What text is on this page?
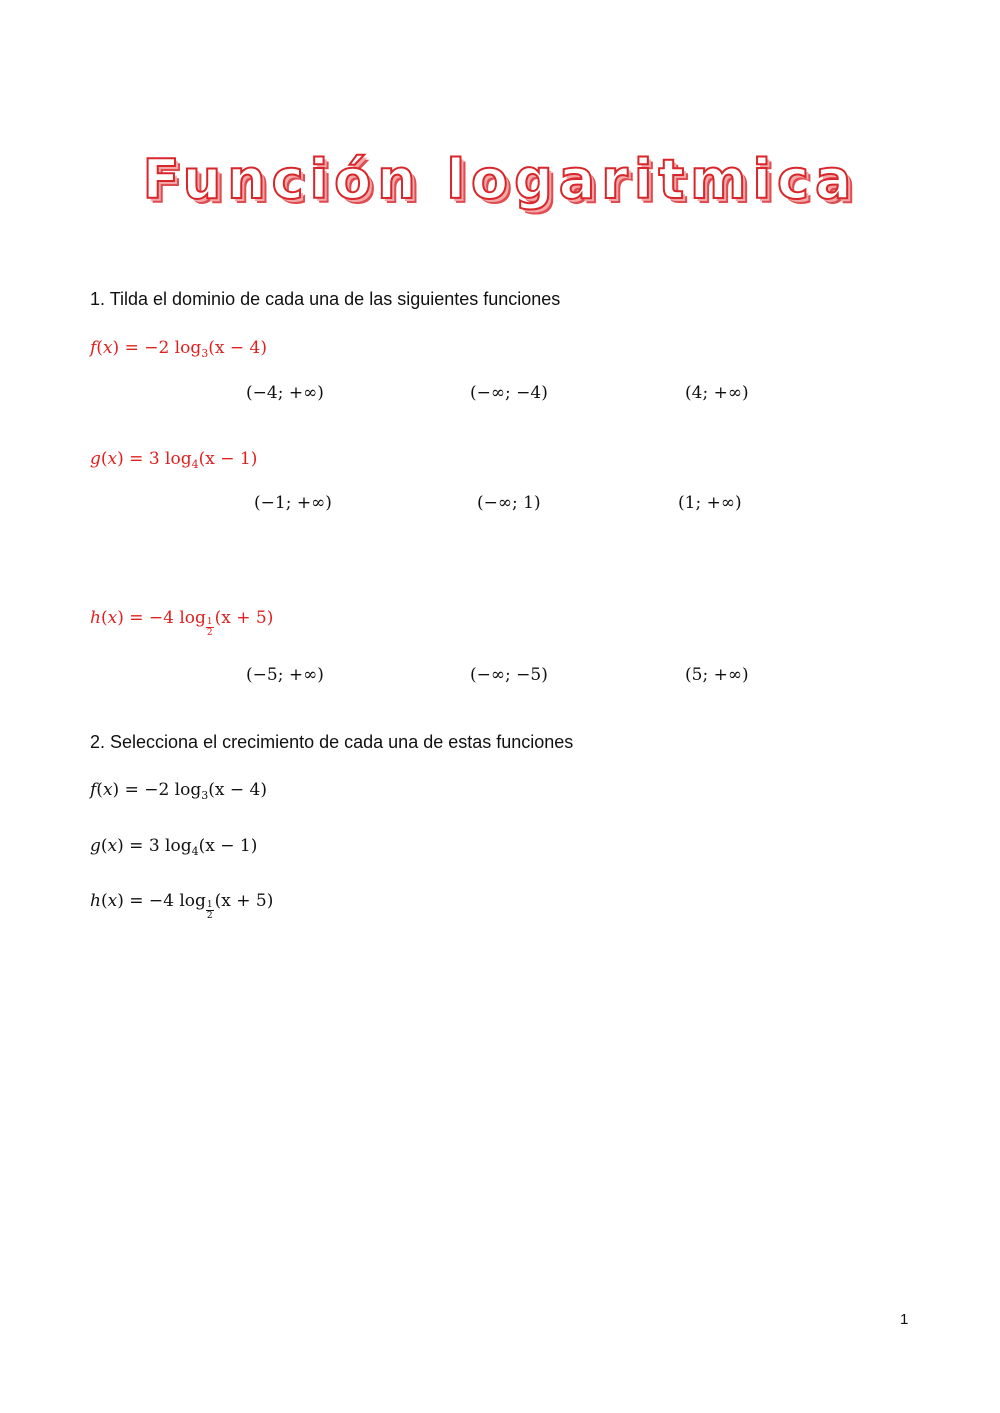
Función logaritmica
1. Tilda el dominio de cada una de las siguientes funciones
f(x) = −2 $\log_3(x - 4)$
(−4; +∞)	(−∞; −4)	(4; +∞)
g(x) = 3 $\log_4(x - 1)$
(−1; +∞)	(−∞; 1)	(1; +∞)
h(x) = −4 $\log \frac{1}{2} (x + 5)$
(−5; +∞)	(−∞; −5)	(5; +∞)
2. Selecciona el crecimiento de cada una de estas funciones
f(x) = −2 $\log_3(x - 4)$
g(x) = 3 $\log_4(x - 1)$
h(x) = −4 $\log \frac{1}{2} (x + 5)$
1
